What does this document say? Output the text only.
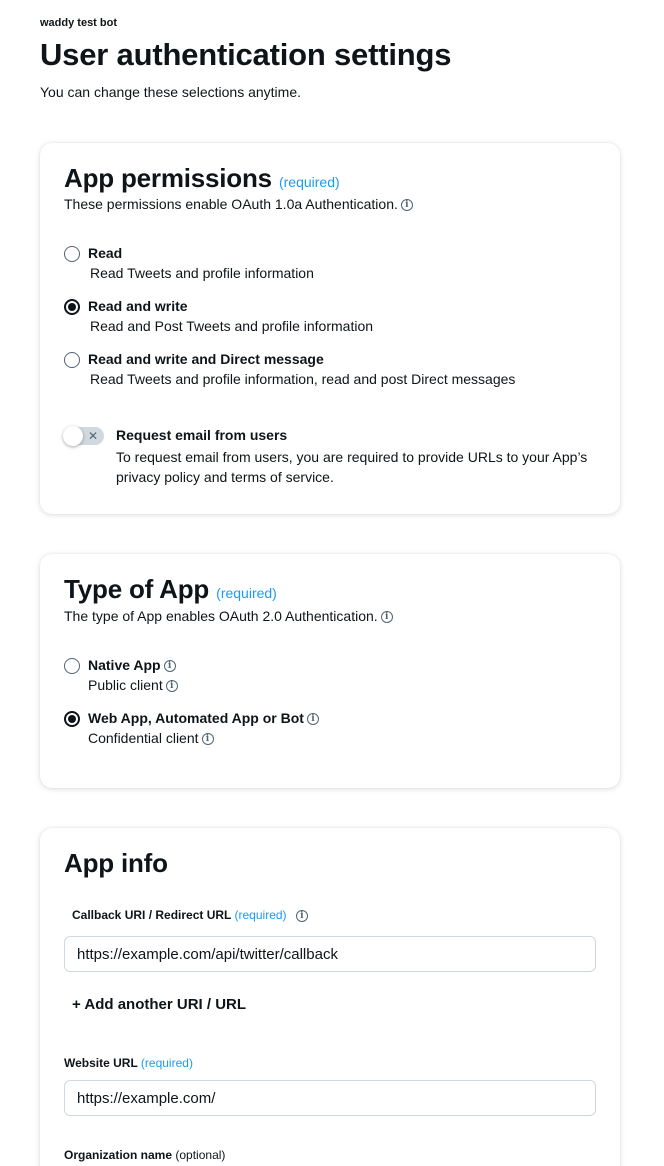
waddy test bot
User authentication settings
You can change these selections anytime.
App permissions (required)
These permissions enable OAuth 1.0a Authentication. i
Read
Read Tweets and profile information
Read and write
Read and Post Tweets and profile information
Read and write and Direct message
Read Tweets and profile information, read and post Direct messages
✕ Request email from users
To request email from users, you are required to provide URLs to your App’s privacy policy and terms of service.
Type of App (required)
The type of App enables OAuth 2.0 Authentication. i
Native App i
Public client i
Web App, Automated App or Bot i
Confidential client i
App info
Callback URI / Redirect URL (required) i
https://example.com/api/twitter/callback
+ Add another URI / URL
Website URL (required)
https://example.com/
Organization name (optional)
